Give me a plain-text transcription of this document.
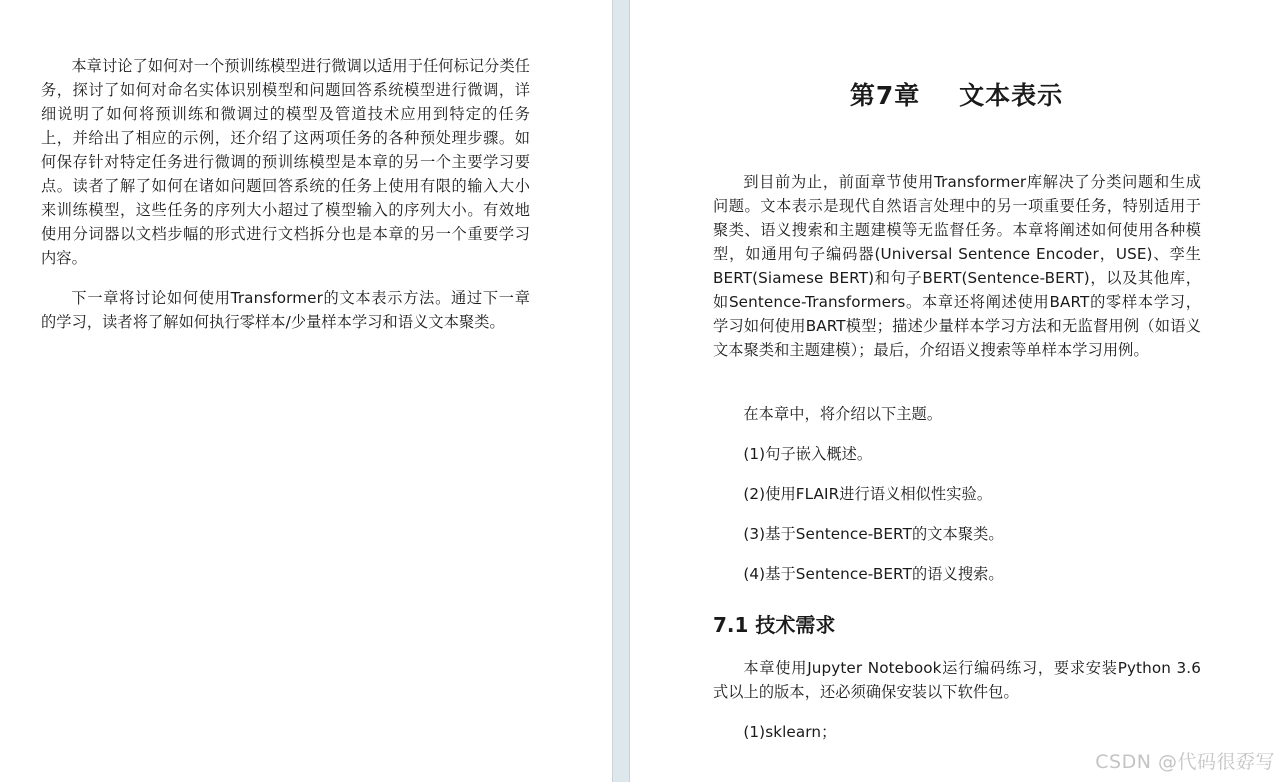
本章讨论了如何对一个预训练模型进行微调以适用于任何标记分类任务，探讨了如何对命名实体识别模型和问题回答系统模型进行微调，详细说明了如何将预训练和微调过的模型及管道技术应用到特定的任务上，并给出了相应的示例，还介绍了这两项任务的各种预处理步骤。如何保存针对特定任务进行微调的预训练模型是本章的另一个主要学习要点。读者了解了如何在诸如问题回答系统的任务上使用有限的输入大小来训练模型，这些任务的序列大小超过了模型输入的序列大小。有效地使用分词器以文档步幅的形式进行文档拆分也是本章的另一个重要学习内容。

下一章将讨论如何使用Transformer的文本表示方法。通过下一章的学习，读者将了解如何执行零样本/少量样本学习和语义文本聚类。

第7章    文本表示

到目前为止，前面章节使用Transformer库解决了分类问题和生成问题。文本表示是现代自然语言处理中的另一项重要任务，特别适用于聚类、语义搜索和主题建模等无监督任务。本章将阐述如何使用各种模型，如通用句子编码器(Universal Sentence Encoder，USE)、孪生BERT(Siamese BERT)和句子BERT(Sentence-BERT)，以及其他库，如Sentence-Transformers。本章还将阐述使用BART的零样本学习，学习如何使用BART模型；描述少量样本学习方法和无监督用例（如语义文本聚类和主题建模）；最后，介绍语义搜索等单样本学习用例。

在本章中，将介绍以下主题。

(1)句子嵌入概述。

(2)使用FLAIR进行语义相似性实验。

(3)基于Sentence-BERT的文本聚类。

(4)基于Sentence-BERT的语义搜索。

7.1 技术需求

本章使用Jupyter Notebook运行编码练习，要求安装Python 3.6式以上的版本，还必须确保安装以下软件包。

(1)sklearn；

CSDN @代码很孬写
